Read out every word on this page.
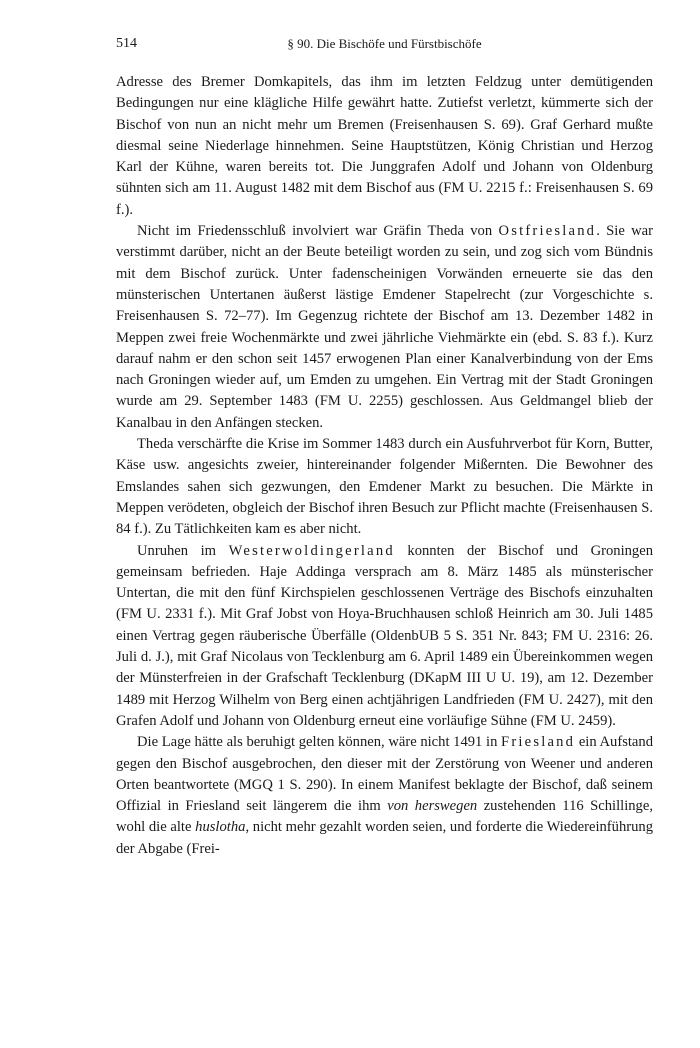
§ 90. Die Bischöfe und Fürstbischöfe
514

Adresse des Bremer Domkapitels, das ihm im letzten Feldzug unter demütigenden Bedingungen nur eine klägliche Hilfe gewährt hatte. Zutiefst verletzt, kümmerte sich der Bischof von nun an nicht mehr um Bremen (Freisenhausen S. 69). Graf Gerhard mußte diesmal seine Niederlage hinnehmen. Seine Hauptstützen, König Christian und Herzog Karl der Kühne, waren bereits tot. Die Junggrafen Adolf und Johann von Oldenburg sühnten sich am 11. August 1482 mit dem Bischof aus (FM U. 2215 f.: Freisenhausen S. 69 f.).

Nicht im Friedensschluß involviert war Gräfin Theda von Ostfriesland. Sie war verstimmt darüber, nicht an der Beute beteiligt worden zu sein, und zog sich vom Bündnis mit dem Bischof zurück. Unter fadenscheinigen Vorwänden erneuerte sie das den münsterischen Untertanen äußerst lästige Emdener Stapelrecht (zur Vorgeschichte s. Freisenhausen S. 72–77). Im Gegenzug richtete der Bischof am 13. Dezember 1482 in Meppen zwei freie Wochenmärkte und zwei jährliche Viehmärkte ein (ebd. S. 83 f.). Kurz darauf nahm er den schon seit 1457 erwogenen Plan einer Kanalverbindung von der Ems nach Groningen wieder auf, um Emden zu umgehen. Ein Vertrag mit der Stadt Groningen wurde am 29. September 1483 (FM U. 2255) geschlossen. Aus Geldmangel blieb der Kanalbau in den Anfängen stecken.

Theda verschärfte die Krise im Sommer 1483 durch ein Ausfuhrverbot für Korn, Butter, Käse usw. angesichts zweier, hintereinander folgender Mißernten. Die Bewohner des Emslandes sahen sich gezwungen, den Emdener Markt zu besuchen. Die Märkte in Meppen verödeten, obgleich der Bischof ihren Besuch zur Pflicht machte (Freisenhausen S. 84 f.). Zu Tätlichkeiten kam es aber nicht.

Unruhen im Westerwoldingerland konnten der Bischof und Groningen gemeinsam befrieden. Haje Addinga versprach am 8. März 1485 als münsterischer Untertan, die mit den fünf Kirchspielen geschlossenen Verträge des Bischofs einzuhalten (FM U. 2331 f.). Mit Graf Jobst von Hoya-Bruchhausen schloß Heinrich am 30. Juli 1485 einen Vertrag gegen räuberische Überfälle (OldenbUB 5 S. 351 Nr. 843; FM U. 2316: 26. Juli d. J.), mit Graf Nicolaus von Tecklenburg am 6. April 1489 ein Übereinkommen wegen der Münsterfreien in der Grafschaft Tecklenburg (DKapM III U U. 19), am 12. Dezember 1489 mit Herzog Wilhelm von Berg einen achtjährigen Landfrieden (FM U. 2427), mit den Grafen Adolf und Johann von Oldenburg erneut eine vorläufige Sühne (FM U. 2459).

Die Lage hätte als beruhigt gelten können, wäre nicht 1491 in Friesland ein Aufstand gegen den Bischof ausgebrochen, den dieser mit der Zerstörung von Weener und anderen Orten beantwortete (MGQ 1 S. 290). In einem Manifest beklagte der Bischof, daß seinem Offizial in Friesland seit längerem die ihm von herswegen zustehenden 116 Schillinge, wohl die alte huslotha, nicht mehr gezahlt worden seien, und forderte die Wiedereinführung der Abgabe (Frei-
